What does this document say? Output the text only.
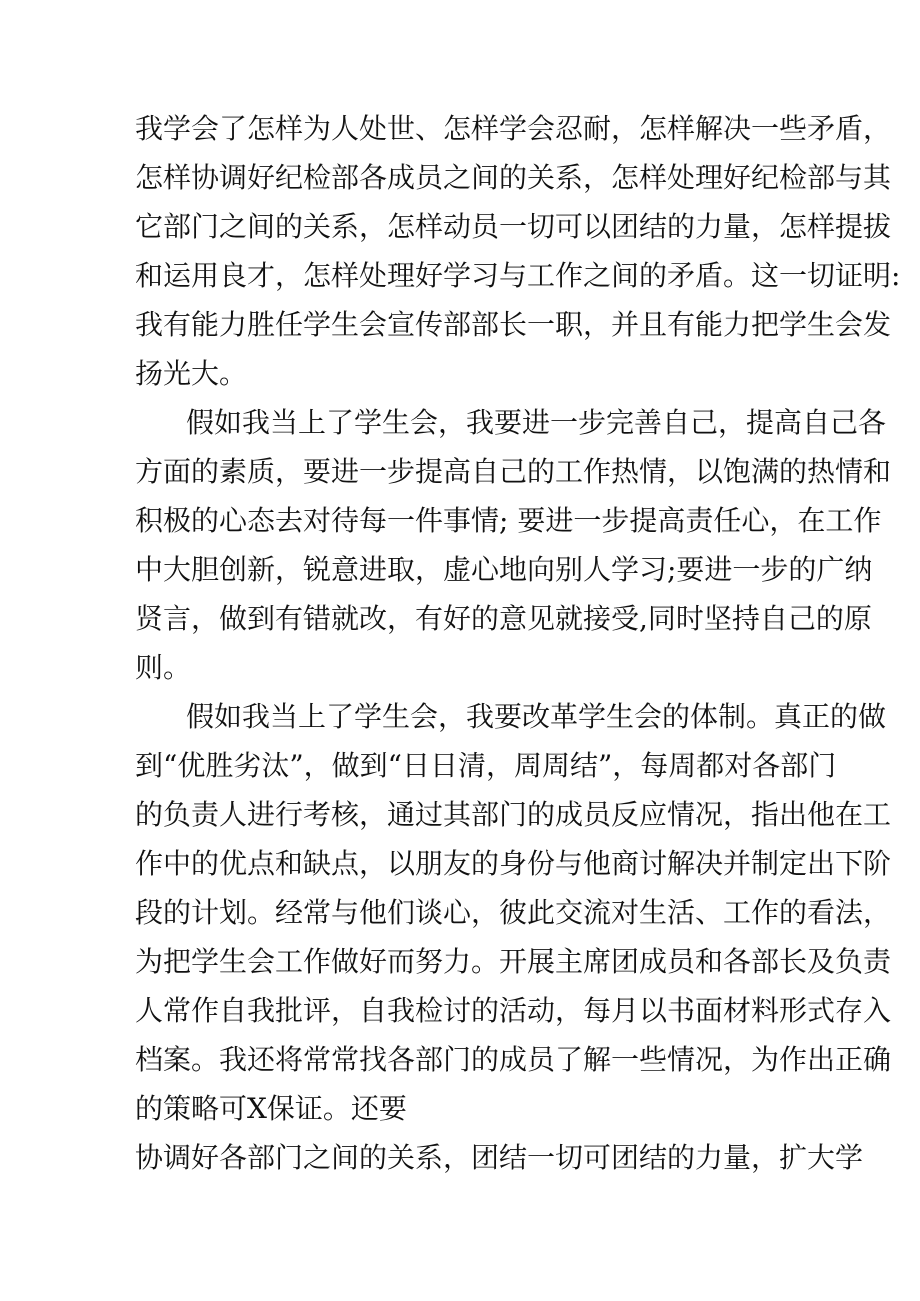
我学会了怎样为人处世、怎样学会忍耐，怎样解决一些矛盾，
怎样协调好纪检部各成员之间的关系，怎样处理好纪检部与其
它部门之间的关系，怎样动员一切可以团结的力量，怎样提拔
和运用良才，怎样处理好学习与工作之间的矛盾。这一切证明:
我有能力胜任学生会宣传部部长一职，并且有能力把学生会发
扬光大。
假如我当上了学生会，我要进一步完善自己，提高自己各
方面的素质，要进一步提高自己的工作热情，以饱满的热情和
积极的心态去对待每一件事情; 要进一步提高责任心，在工作
中大胆创新，锐意进取，虚心地向别人学习;要进一步的广纳
贤言，做到有错就改，有好的意见就接受,同时坚持自己的原
则。
假如我当上了学生会，我要改革学生会的体制。真正的做
到“优胜劣汰”，做到“日日清，周周结”，每周都对各部门
的负责人进行考核，通过其部门的成员反应情况，指出他在工
作中的优点和缺点，以朋友的身份与他商讨解决并制定出下阶
段的计划。经常与他们谈心，彼此交流对生活、工作的看法，
为把学生会工作做好而努力。开展主席团成员和各部长及负责
人常作自我批评，自我检讨的活动，每月以书面材料形式存入
档案。我还将常常找各部门的成员了解一些情况，为作出正确
的策略可X保证。还要
协调好各部门之间的关系，团结一切可团结的力量，扩大学
